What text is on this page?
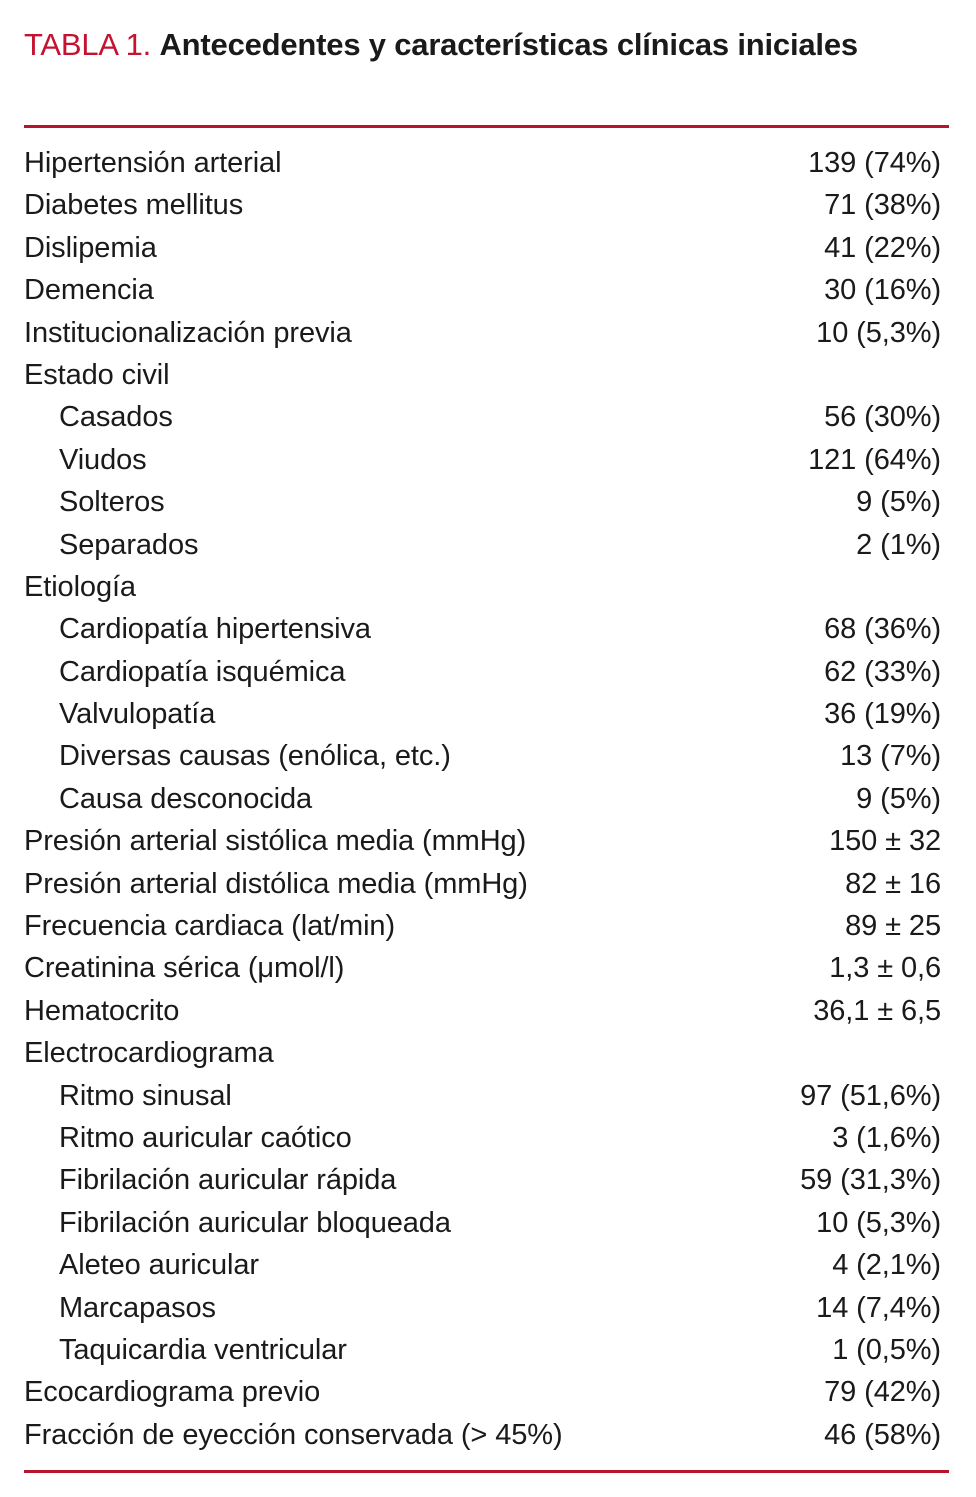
TABLA 1. Antecedentes y características clínicas iniciales
Hipertensión arterial	139 (74%)
Diabetes mellitus	71 (38%)
Dislipemia	41 (22%)
Demencia	30 (16%)
Institucionalización previa	10 (5,3%)
Estado civil
Casados	56 (30%)
Viudos	121 (64%)
Solteros	9 (5%)
Separados	2 (1%)
Etiología
Cardiopatía hipertensiva	68 (36%)
Cardiopatía isquémica	62 (33%)
Valvulopatía	36 (19%)
Diversas causas (enólica, etc.)	13 (7%)
Causa desconocida	9 (5%)
Presión arterial sistólica media (mmHg)	150 ± 32
Presión arterial distólica media (mmHg)	82 ± 16
Frecuencia cardiaca (lat/min)	89 ± 25
Creatinina sérica (μmol/l)	1,3 ± 0,6
Hematocrito	36,1 ± 6,5
Electrocardiograma
Ritmo sinusal	97 (51,6%)
Ritmo auricular caótico	3 (1,6%)
Fibrilación auricular rápida	59 (31,3%)
Fibrilación auricular bloqueada	10 (5,3%)
Aleteo auricular	4 (2,1%)
Marcapasos	14 (7,4%)
Taquicardia ventricular	1 (0,5%)
Ecocardiograma previo	79 (42%)
Fracción de eyección conservada (> 45%)	46 (58%)
